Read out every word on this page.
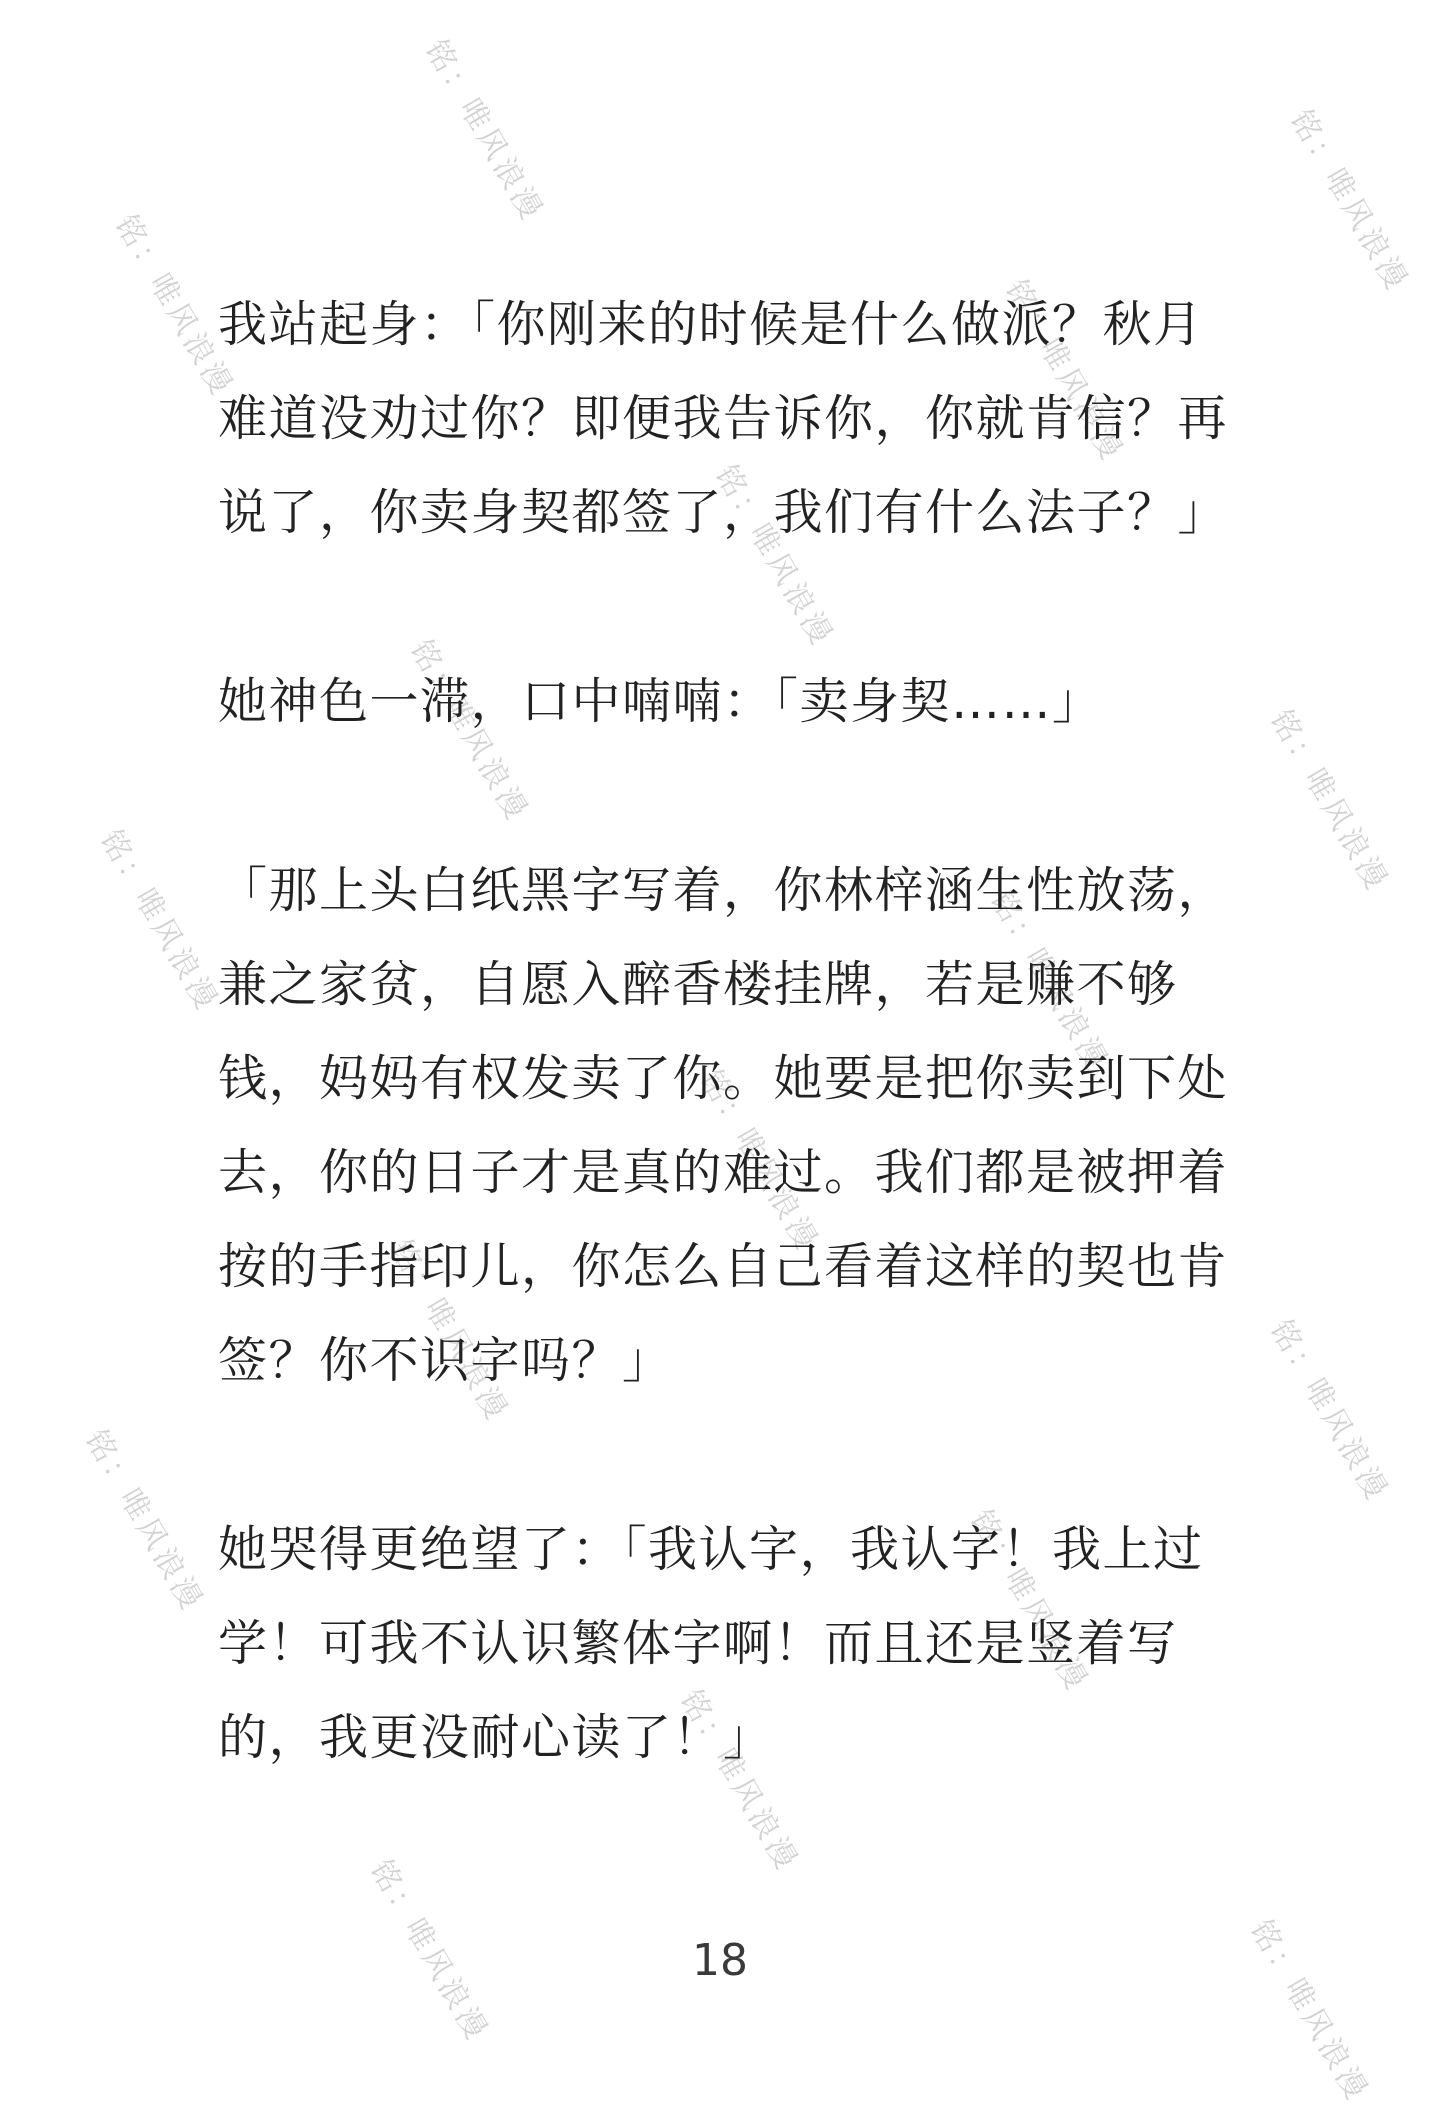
铭：唯风浪漫
铭：唯风浪漫	铭：唯风浪漫
铭：唯风浪漫
铭：唯风浪漫
铭：唯风浪漫	铭：唯风浪漫
铭：唯风浪漫	铭：唯风浪漫
铭：唯风浪漫
铭：唯风浪漫	铭：唯风浪漫
铭：唯风浪漫	铭：唯风浪漫
铭：唯风浪漫
铭：唯风浪漫	铭：唯风浪漫

我站起身：「你刚来的时候是什么做派？秋月难道没劝过你？即便我告诉你，你就肯信？再说了，你卖身契都签了，我们有什么法子？」

她神色一滞，口中喃喃：「卖身契……」

「那上头白纸黑字写着，你林梓涵生性放荡，兼之家贫，自愿入醉香楼挂牌，若是赚不够钱，妈妈有权发卖了你。她要是把你卖到下处去，你的日子才是真的难过。我们都是被押着按的手指印儿，你怎么自己看着这样的契也肯签？你不识字吗？」

她哭得更绝望了：「我认字，我认字！我上过学！可我不认识繁体字啊！而且还是竖着写的，我更没耐心读了！」

18
